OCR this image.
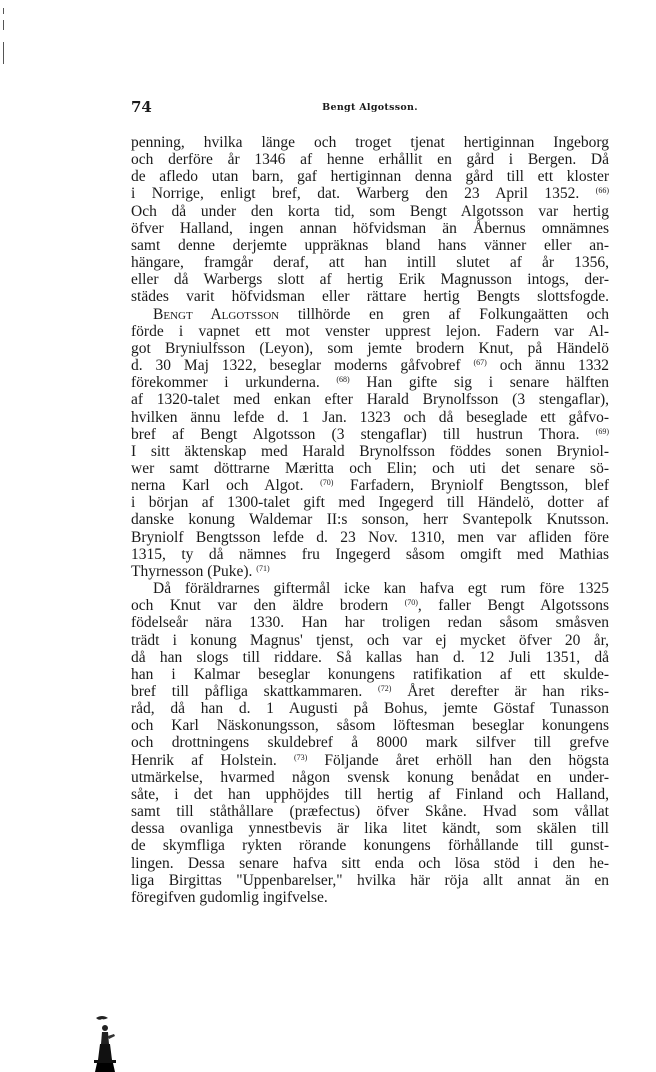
74	Bengt Algotsson.
penning, hvilka länge och troget tjenat hertiginnan Ingeborg
och derföre år 1346 af henne erhållit en gård i Bergen. Då
de afledo utan barn, gaf hertiginnan denna gård till ett kloster
i Norrige, enligt bref, dat. Warberg den 23 April 1352. $^{(66)}$
Och då under den korta tid, som Bengt Algotsson var hertig
öfver Halland, ingen annan höfvidsman än Åbernus omnämnes
samt denne derjemte uppräknas bland hans vänner eller an-
hängare, framgår deraf, att han intill slutet af år 1356,
eller då Warbergs slott af hertig Erik Magnusson intogs, der-
städes varit höfvidsman eller rättare hertig Bengts slottsfogde.
Bengt Algotsson tillhörde en gren af Folkungaätten och
förde i vapnet ett mot venster upprest lejon. Fadern var Al-
got Bryniulfsson (Leyon), som jemte brodern Knut, på Händelö
d. 30 Maj 1322, beseglar moderns gåfvobref $^{(67)}$ och ännu 1332
förekommer i urkunderna. $^{(68)}$ Han gifte sig i senare hälften
af 1320-talet med enkan efter Harald Brynolfsson (3 stengaflar),
hvilken ännu lefde d. 1 Jan. 1323 och då beseglade ett gåfvo-
bref af Bengt Algotsson (3 stengaflar) till hustrun Thora. $^{(69)}$
I sitt äktenskap med Harald Brynolfsson föddes sonen Bryniol-
wer samt döttrarne Mæritta och Elin; och uti det senare sö-
nerna Karl och Algot. $^{(70)}$ Farfadern, Bryniolf Bengtsson, blef
i början af 1300-talet gift med Ingegerd till Händelö, dotter af
danske konung Waldemar II:s sonson, herr Svantepolk Knutsson.
Bryniolf Bengtsson lefde d. 23 Nov. 1310, men var afliden före
1315, ty då nämnes fru Ingegerd såsom omgift med Mathias
Thyrnesson (Puke). $^{(71)}$
Då föräldrarnes giftermål icke kan hafva egt rum före 1325
och Knut var den äldre brodern $^{(70)}$, faller Bengt Algotssons
födelseår nära 1330. Han har troligen redan såsom småsven
trädt i konung Magnus' tjenst, och var ej mycket öfver 20 år,
då han slogs till riddare. Så kallas han d. 12 Juli 1351, då
han i Kalmar beseglar konungens ratifikation af ett skulde-
bref till påfliga skattkammaren. $^{(72)}$ Året derefter är han riks-
råd, då han d. 1 Augusti på Bohus, jemte Göstaf Tunasson
och Karl Näskonungsson, såsom löftesman beseglar konungens
och drottningens skuldebref å 8000 mark silfver till grefve
Henrik af Holstein. $^{(73)}$ Följande året erhöll han den högsta
utmärkelse, hvarmed någon svensk konung benådat en under-
såte, i det han upphöjdes till hertig af Finland och Halland,
samt till ståthållare (præfectus) öfver Skåne. Hvad som vållat
dessa ovanliga ynnestbevis är lika litet kändt, som skälen till
de skymfliga rykten rörande konungens förhållande till gunst-
lingen. Dessa senare hafva sitt enda och lösa stöd i den he-
liga Birgittas "Uppenbarelser," hvilka här röja allt annat än en
föregifven gudomlig ingifvelse.
